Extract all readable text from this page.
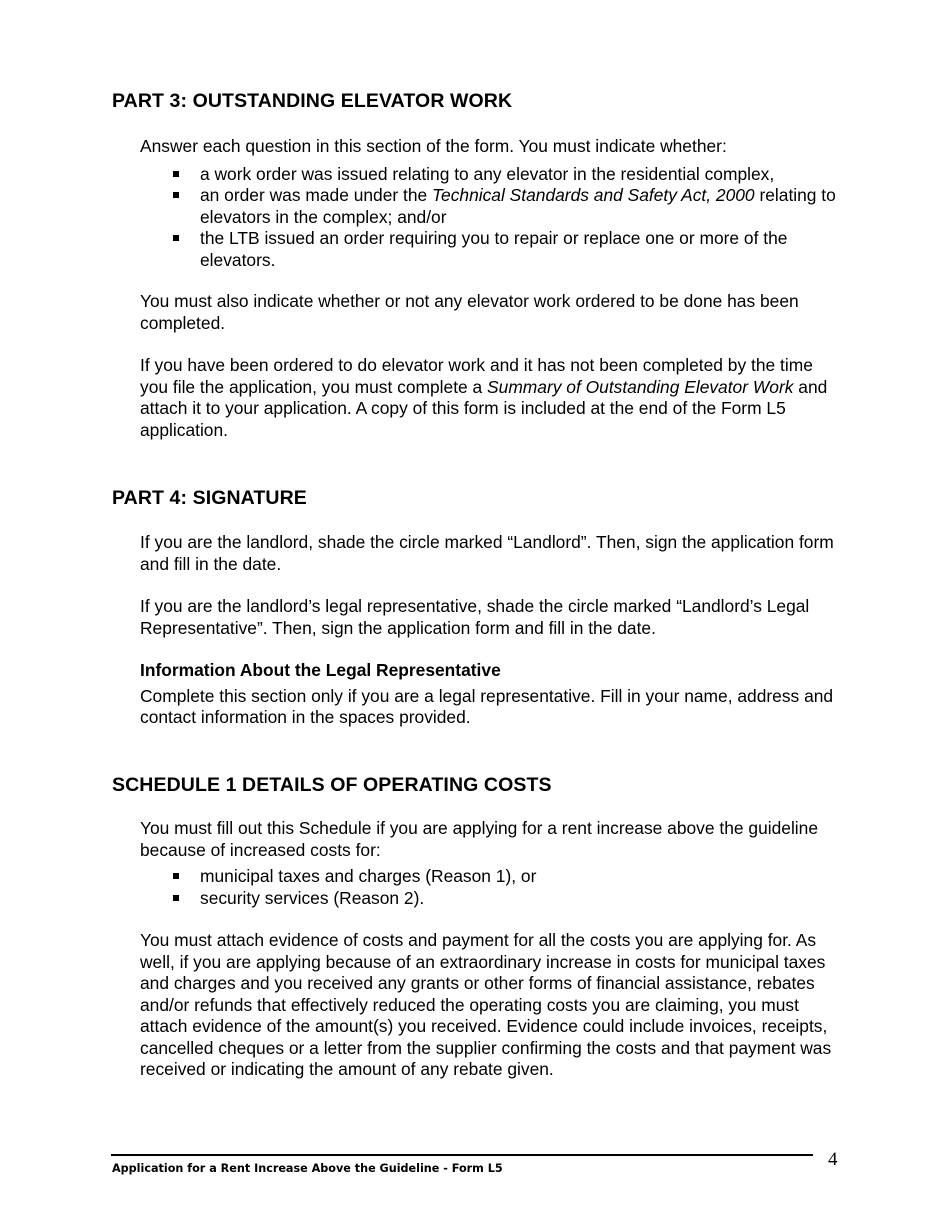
PART 3: OUTSTANDING ELEVATOR WORK

Answer each question in this section of the form. You must indicate whether:

a work order was issued relating to any elevator in the residential complex,
an order was made under the Technical Standards and Safety Act, 2000 relating to elevators in the complex; and/or
the LTB issued an order requiring you to repair or replace one or more of the elevators.

You must also indicate whether or not any elevator work ordered to be done has been completed.

If you have been ordered to do elevator work and it has not been completed by the time you file the application, you must complete a Summary of Outstanding Elevator Work and attach it to your application. A copy of this form is included at the end of the Form L5 application.

PART 4: SIGNATURE

If you are the landlord, shade the circle marked “Landlord”. Then, sign the application form and fill in the date.

If you are the landlord’s legal representative, shade the circle marked “Landlord’s Legal Representative”. Then, sign the application form and fill in the date.

Information About the Legal Representative

Complete this section only if you are a legal representative. Fill in your name, address and contact information in the spaces provided.

SCHEDULE 1 DETAILS OF OPERATING COSTS

You must fill out this Schedule if you are applying for a rent increase above the guideline because of increased costs for:

municipal taxes and charges (Reason 1), or
security services (Reason 2).

You must attach evidence of costs and payment for all the costs you are applying for. As well, if you are applying because of an extraordinary increase in costs for municipal taxes and charges and you received any grants or other forms of financial assistance, rebates and/or refunds that effectively reduced the operating costs you are claiming, you must attach evidence of the amount(s) you received. Evidence could include invoices, receipts, cancelled cheques or a letter from the supplier confirming the costs and that payment was received or indicating the amount of any rebate given.

Application for a Rent Increase Above the Guideline - Form L5	4
